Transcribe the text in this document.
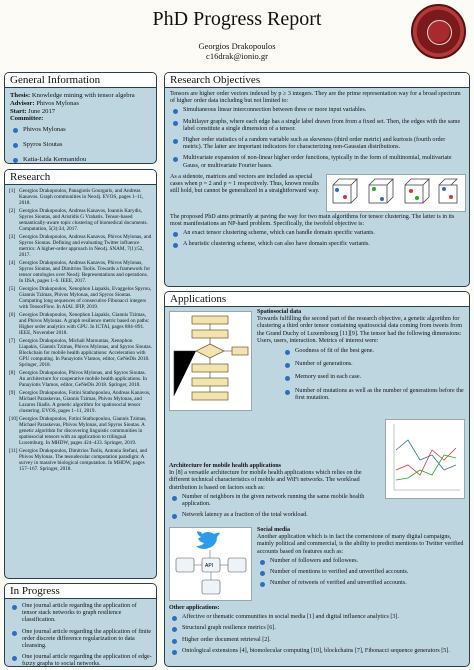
PhD Progress Report
Georgios Drakopoulos
c16drak@ionio.gr
General Information
Thesis: Knowledge mining with tensor algebra
Advisor: Phivos Mylonas
Start: June 2017
Committee:
Phivos Mylonas
Spyros Sioutas
Katia-Lida Kermanidou
Research
[1] Georgios Drakopoulos, Panagiotis Gourgaris, and Andreas Kanavos. Graph communities in Neo4j. EVOS, pages 1–11, 2018.
[2] Georgios Drakopoulos, Andreas Kanavos, Ioannis Karydis, Spyros Sioutas, and Aristidis G Vrahatis. Tensor-based semantically-aware topic clustering of biomedical documents. Computation, 5(3):34, 2017.
[3] Georgios Drakopoulos, Andreas Kanavos, Phivos Mylonas, and Spyros Sioutas. Defining and evaluating Twitter influence metrics: A higher-order approach in Neo4j. SNAM, 7(1):52, 2017.
[4] Georgios Drakopoulos, Andreas Kanavos, Phivos Mylonas, Spyros Sioutas, and Dimitrios Tsolis. Towards a framework for tensor ontologies over Neo4j: Representations and operations. In IISA, pages 1–6. IEEE, 2017.
[5] Georgios Drakopoulos, Xenophon Liapakis, Evaggelos Spyrou, Giannis Tzimas, Phivos Mylonas, and Spyros Sioutas. Computing long sequences of consecutive Fibonacci integers with TensorFlow. In AIAI. IFIP, 2019.
[6] Georgios Drakopoulos, Xenophon Liapakis, Giannis Tzimas, and Phivos Mylonas. A graph resilience metric based on paths: Higher order analytics with GPU. In ICTAI, pages 884–891. IEEE, November 2018.
[7] Georgios Drakopoulos, Michail Marountas, Xenophon Liapakis, Giannis Tzimas, Phivos Mylonas, and Spyros Sioutas. Blockchain for mobile health applications: Acceleration with GPU computing. In Panayiotis Vlamos, editor, GeNeDis 2018. Springer, 2018.
[8] Georgios Drakopoulos, Phivos Mylonas, and Spyros Sioutas. An architecture for cooperative mobile health applications. In Panayiotis Vlamos, editor, GeNeDis 2018. Springer, 2018.
[9] Georgios Drakopoulos, Fotini Stathopoulou, Andreas Kanavos, Michael Paraskevas, Giannis Tzimas, Phivos Mylonas, and Lazaros Iliadis. A genetic algorithm for spatiosocial tensor clustering. EVOS, pages 1–11, 2019.
[10] Georgios Drakopoulos, Fotini Stathopoulou, Giannis Tzimas, Michael Paraskevas, Phivos Mylonas, and Spyros Sioutas. A genetic algorithm for discovering linguistic communities in spatiosocial tensors with an application to trilingual Luxemburg. In MHDW, pages 424–433. Springer, 2019.
[11] Georgios Drakopoulos, Dimitrios Tsolis, Antonia Stefani, and Phivos Mylonas. The tessudecular computation paradigm: A survey in massive biological computation. In MHDW, pages 157–167. Springer, 2018.
In Progress
One journal article regarding the application of tensor stack networks to graph resilience classification.
One journal article regarding the application of finite order discrete difference regularization to data cleansing.
One journal article regarding the application of edge-fuzzy graphs to social networks.
Research Objectives

Tensors are higher order vectors indexed by p ≥ 3 integers. They are the prime representation way for a broad spectrum of higher order data including but not limited to:

Simultaneous linear interconnection between three or more input variables.
Multilayer graphs, where each edge has a single label drawn from from a fixed set. Then, the edges with the same label constitute a single dimension of a tensor.
Higher order statistics of a random variable such as skewness (third order metric) and kurtosis (fourth order metric). The latter are important indicators for characterizing non-Gaussian distributions.
Multivariate expansion of non-linear higher order functions, typically in the form of multinomial, multivariate Gauss, or multivariate Fourier bases.

As a sidenote, matrices and vectors are included as special cases when p = 2 and p = 1 respectively. Thus, known results still hold, but cannot be generalized in a straightforward way.

The proposed PhD aims primarily at paving the way for two main algorithms for tensor clustering. The latter is in its most manifestations an NP-hard problem. Specifically, the twofold objective is:

An exact tensor clustering scheme, which can handle domain specific variants.
A heuristic clustering scheme, which can also have domain specific variants.
Applications
Spatiosocial data

Towards fulfilling the second part of the research objective, a genetic algorithm for clustering a third order tensor containing spatiosocial data coming from tweets from the Grand Duchy of Luxembourg [11][9]. The tensor had the following dimensions: Users, users, interaction. Metrics of interest were:

Goodness of fit of the best gene.
Number of generations.
Memory used in each case.
Number of mutations as well as the number of generations before the first mutation.
Architecture for mobile health applications

In [8] a versatile architecture for mobile health applications which relies on the different technical characteristics of mobile and WiFi networks. The workload distribution is based on factors such as:

Number of neighbors in the given network running the same mobile health application.
Network latency as a fraction of the total workload.
API
Social media

Another application which is in fact the cornerstone of many digital campaigns, mainly political and commercial, is the ability to predict mentions to Twitter verified accounts based on features such as:

Number of followers and followees.
Number of mentions to verified and unverified accounts.
Number of retweets of verified and unverified accounts.
Other applications:
Affective or thematic communities in social media [1] and digital influence analytics [3].
Structural graph resilience metrics [6].
Higher order document retrieval [2].
Ontological extensions [4], biomolecular computing [10], blockchains [7], Fibonacci sequence generators [5].
